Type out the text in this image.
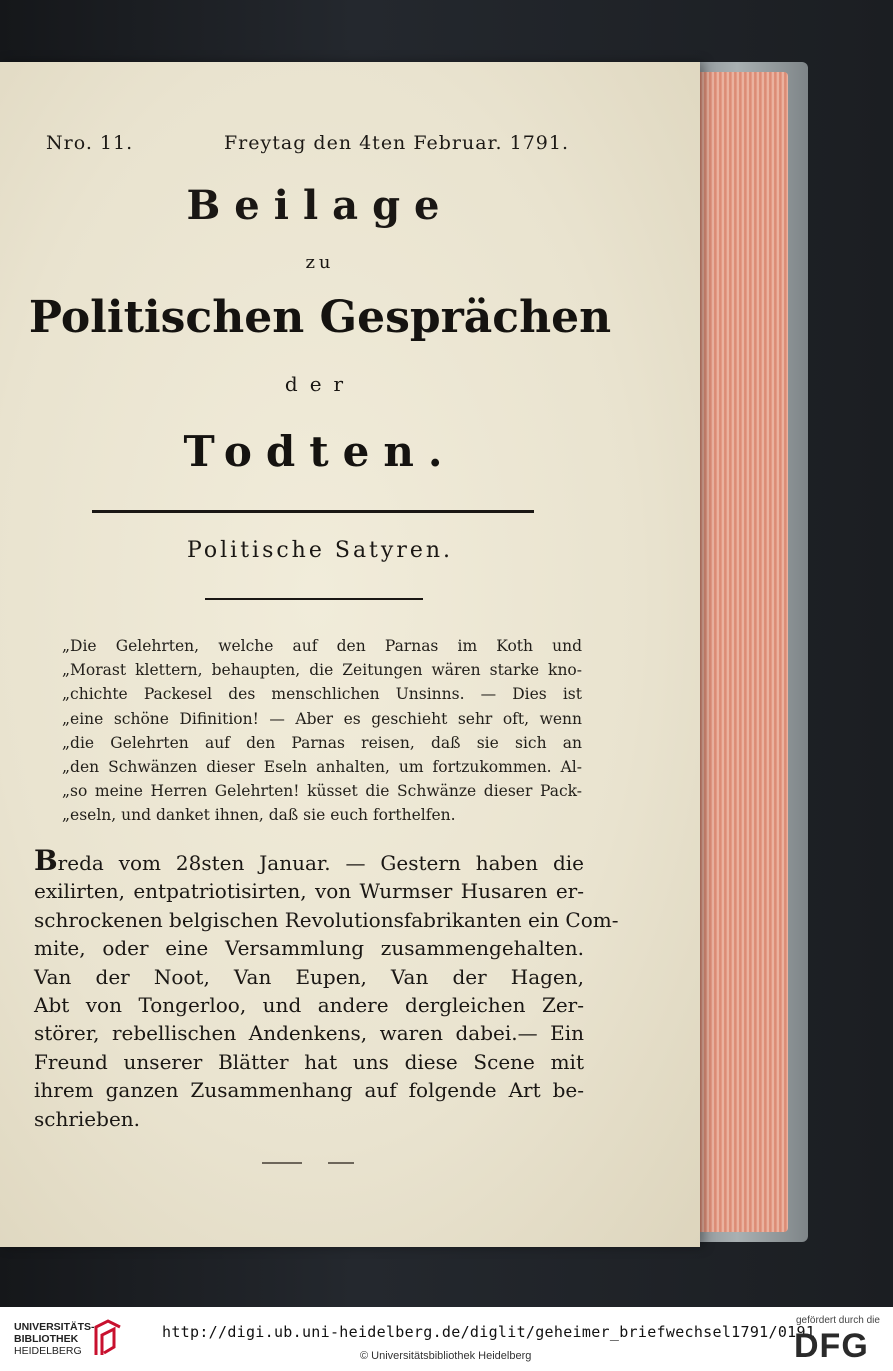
Nro. 11.	Freytag den 4ten Februar. 1791.
Beilage
zu
Politischen Gesprächen
der
Todten.
Politische Satyren.
„Die Gelehrten, welche auf den Parnas im Koth und
„Morast klettern, behaupten, die Zeitungen wären starke kno-
„chichte Packesel des menschlichen Unsinns. — Dies ist
„eine schöne Difinition! — Aber es geschieht sehr oft, wenn
„die Gelehrten auf den Parnas reisen, daß sie sich an
„den Schwänzen dieser Eseln anhalten, um fortzukommen. Al-
„so meine Herren Gelehrten! küsset die Schwänze dieser Pack-
„eseln, und danket ihnen, daß sie euch forthelfen.
Breda vom 28sten Januar. — Gestern haben die
exilirten, entpatriotisirten, von Wurmser Husaren er-
schrockenen belgischen Revolutionsfabrikanten ein Com-
mite, oder eine Versammlung zusammengehalten.
Van der Noot, Van Eupen, Van der Hagen,
Abt von Tongerloo, und andere dergleichen Zer-
störer, rebellischen Andenkens, waren dabei.— Ein
Freund unserer Blätter hat uns diese Scene mit
ihrem ganzen Zusammenhang auf folgende Art be-
schrieben.
UNIVERSITÄTS-
BIBLIOTHEK
HEIDELBERG
http://digi.ub.uni-heidelberg.de/diglit/geheimer_briefwechsel1791/0191
© Universitätsbibliothek Heidelberg
gefördert durch die
DFG
